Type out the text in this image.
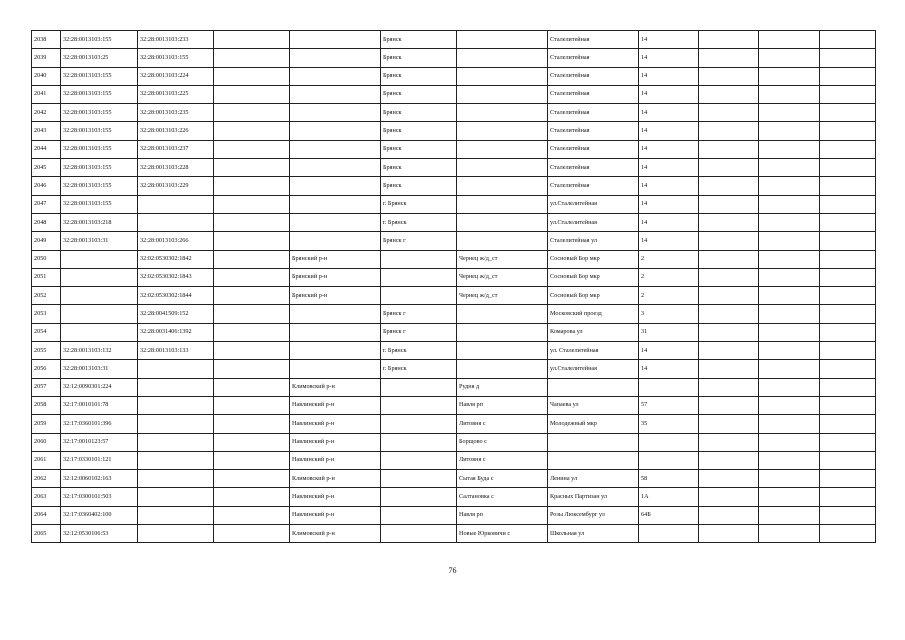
2038	32:28:0013103:155	32:28:0013103:233			Брянск		Сталелитейная	14			
2039	32:28:0013103:25	32:28:0013103:155			Брянск		Сталелитейная	14			
2040	32:28:0013103:155	32:28:0013103:224			Брянск		Сталелитейная	14			
2041	32:28:0013103:155	32:28:0013103:225			Брянск		Сталелитейная	14			
2042	32:28:0013103:155	32:28:0013103:235			Брянск		Сталелитейная	14			
2043	32:28:0013103:155	32:28:0013103:226			Брянск		Сталелитейная	14			
2044	32:28:0013103:155	32:28:0013103:237			Брянск		Сталелитейная	14			
2045	32:28:0013103:155	32:28:0013103:228			Брянск		Сталелитейная	14			
2046	32:28:0013103:155	32:28:0013103:229			Брянск		Сталелитейная	14			
2047	32:28:0013103:155				г. Брянск		ул.Сталелитейная	14			
2048	32:28:0013103:218				г. Брянск		ул.Сталелитейная	14			
2049	32:28:0013103:31	32:28:0013103:266			Брянск г		Сталелитейная ул	14			
2050		32:02:0530302:1842		Брянский р-н		Чернец ж/д_ст	Сосновый Бор мкр	2			
2051		32:02:0530302:1843		Брянский р-н		Чернец ж/д_ст	Сосновый Бор мкр	2			
2052		32:02:0530302:1844		Брянский р-н		Чернец ж/д_ст	Сосновый Бор мкр	2			
2053		32:28:0041509:152			Брянск г		Московский проезд	3			
2054		32:28:0031406:1392			Брянск г		Комарова ул	31			
2055	32:28:0013103:132	32:28:0013103:133			г. Брянск		ул. Сталелитейная	14			
2056	32:28:0013103:31				г. Брянск		ул.Сталелитейная	14			
2057	32:12:0090301:224			Климовский р-н		Рудня д					
2058	32:17:0010101:78			Навлинский р-н		Навля рп	Чапаева ул	57			
2059	32:17:0360101:396			Навлинский р-н		Литовня с	Молодежный мкр	35			
2060	32:17:0010123:57			Навлинский р-н		Борщово с					
2061	32:17:0330101:121			Навлинский р-н		Литовня с					
2062	32:12:0060102:163			Климовский р-н		Сытая Буда с	Ленина ул	58			
2063	32:17:0300101:503			Навлинский р-н		Салтановка с	Красных Партизан ул	1А			
2064	32:17:0360402:100			Навлинский р-н		Навля рп	Розы Люксембург ул	64Б			
2065	32:12:0530106:53			Климовский р-н		Новые Юрковичи с	Школьная ул				
76
